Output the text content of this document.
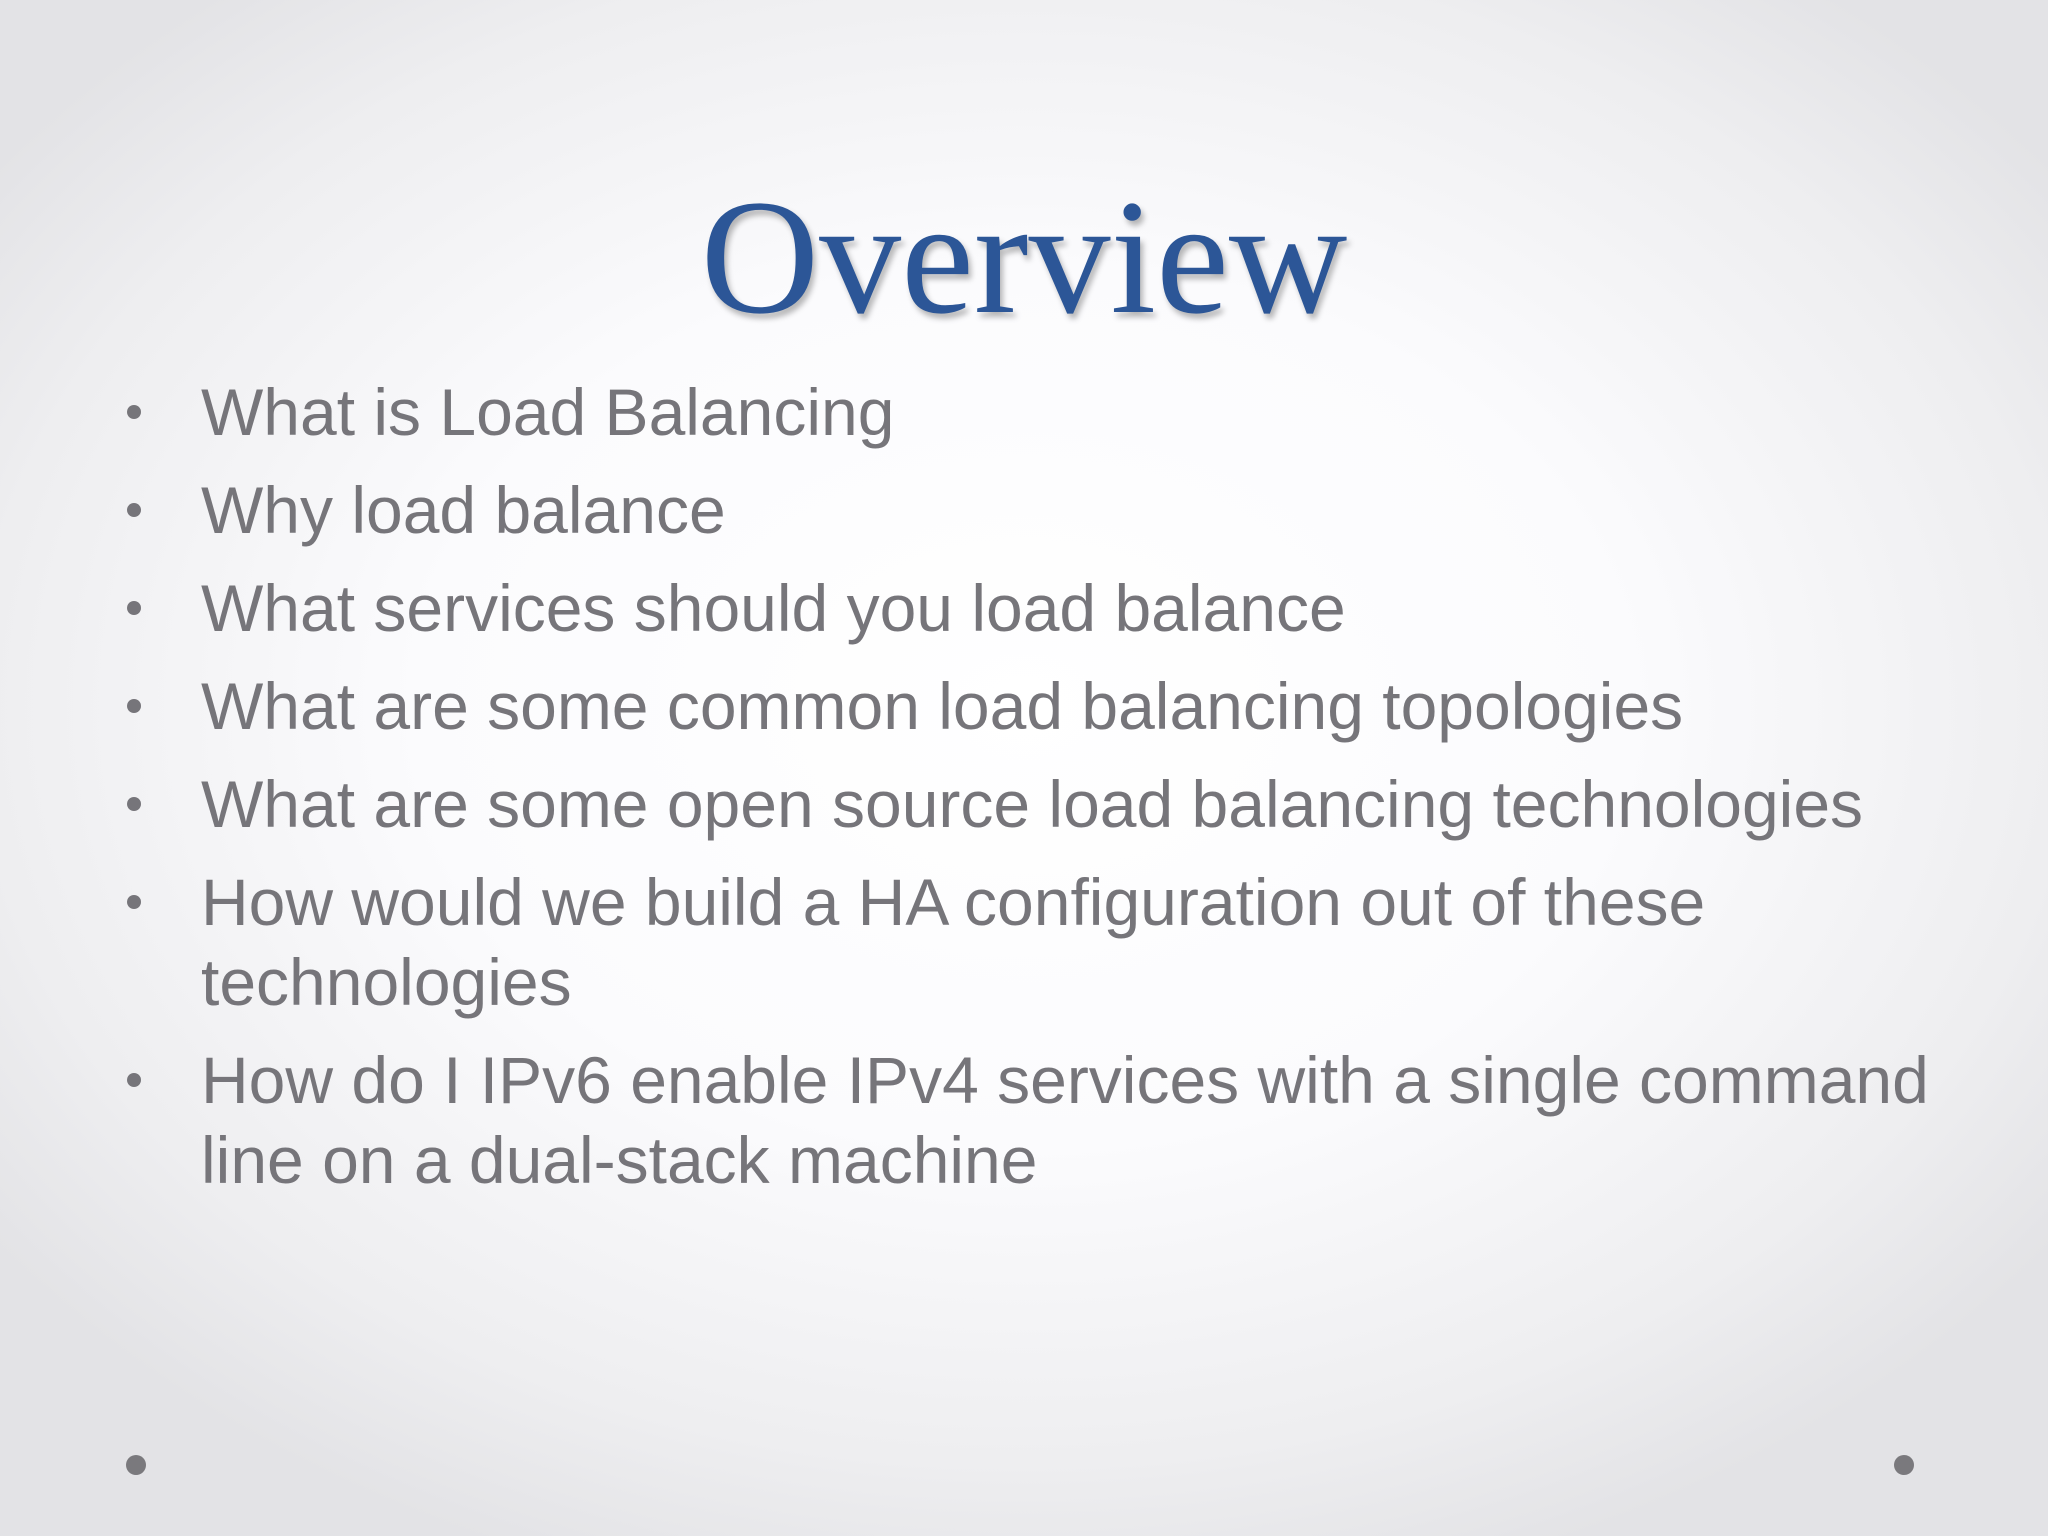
Overview
What is Load Balancing
Why load balance
What services should you load balance
What are some common load balancing topologies
What are some open source load balancing technologies
How would we build a HA configuration out of these technologies
How do I IPv6 enable IPv4 services with a single command line on a dual-stack machine
